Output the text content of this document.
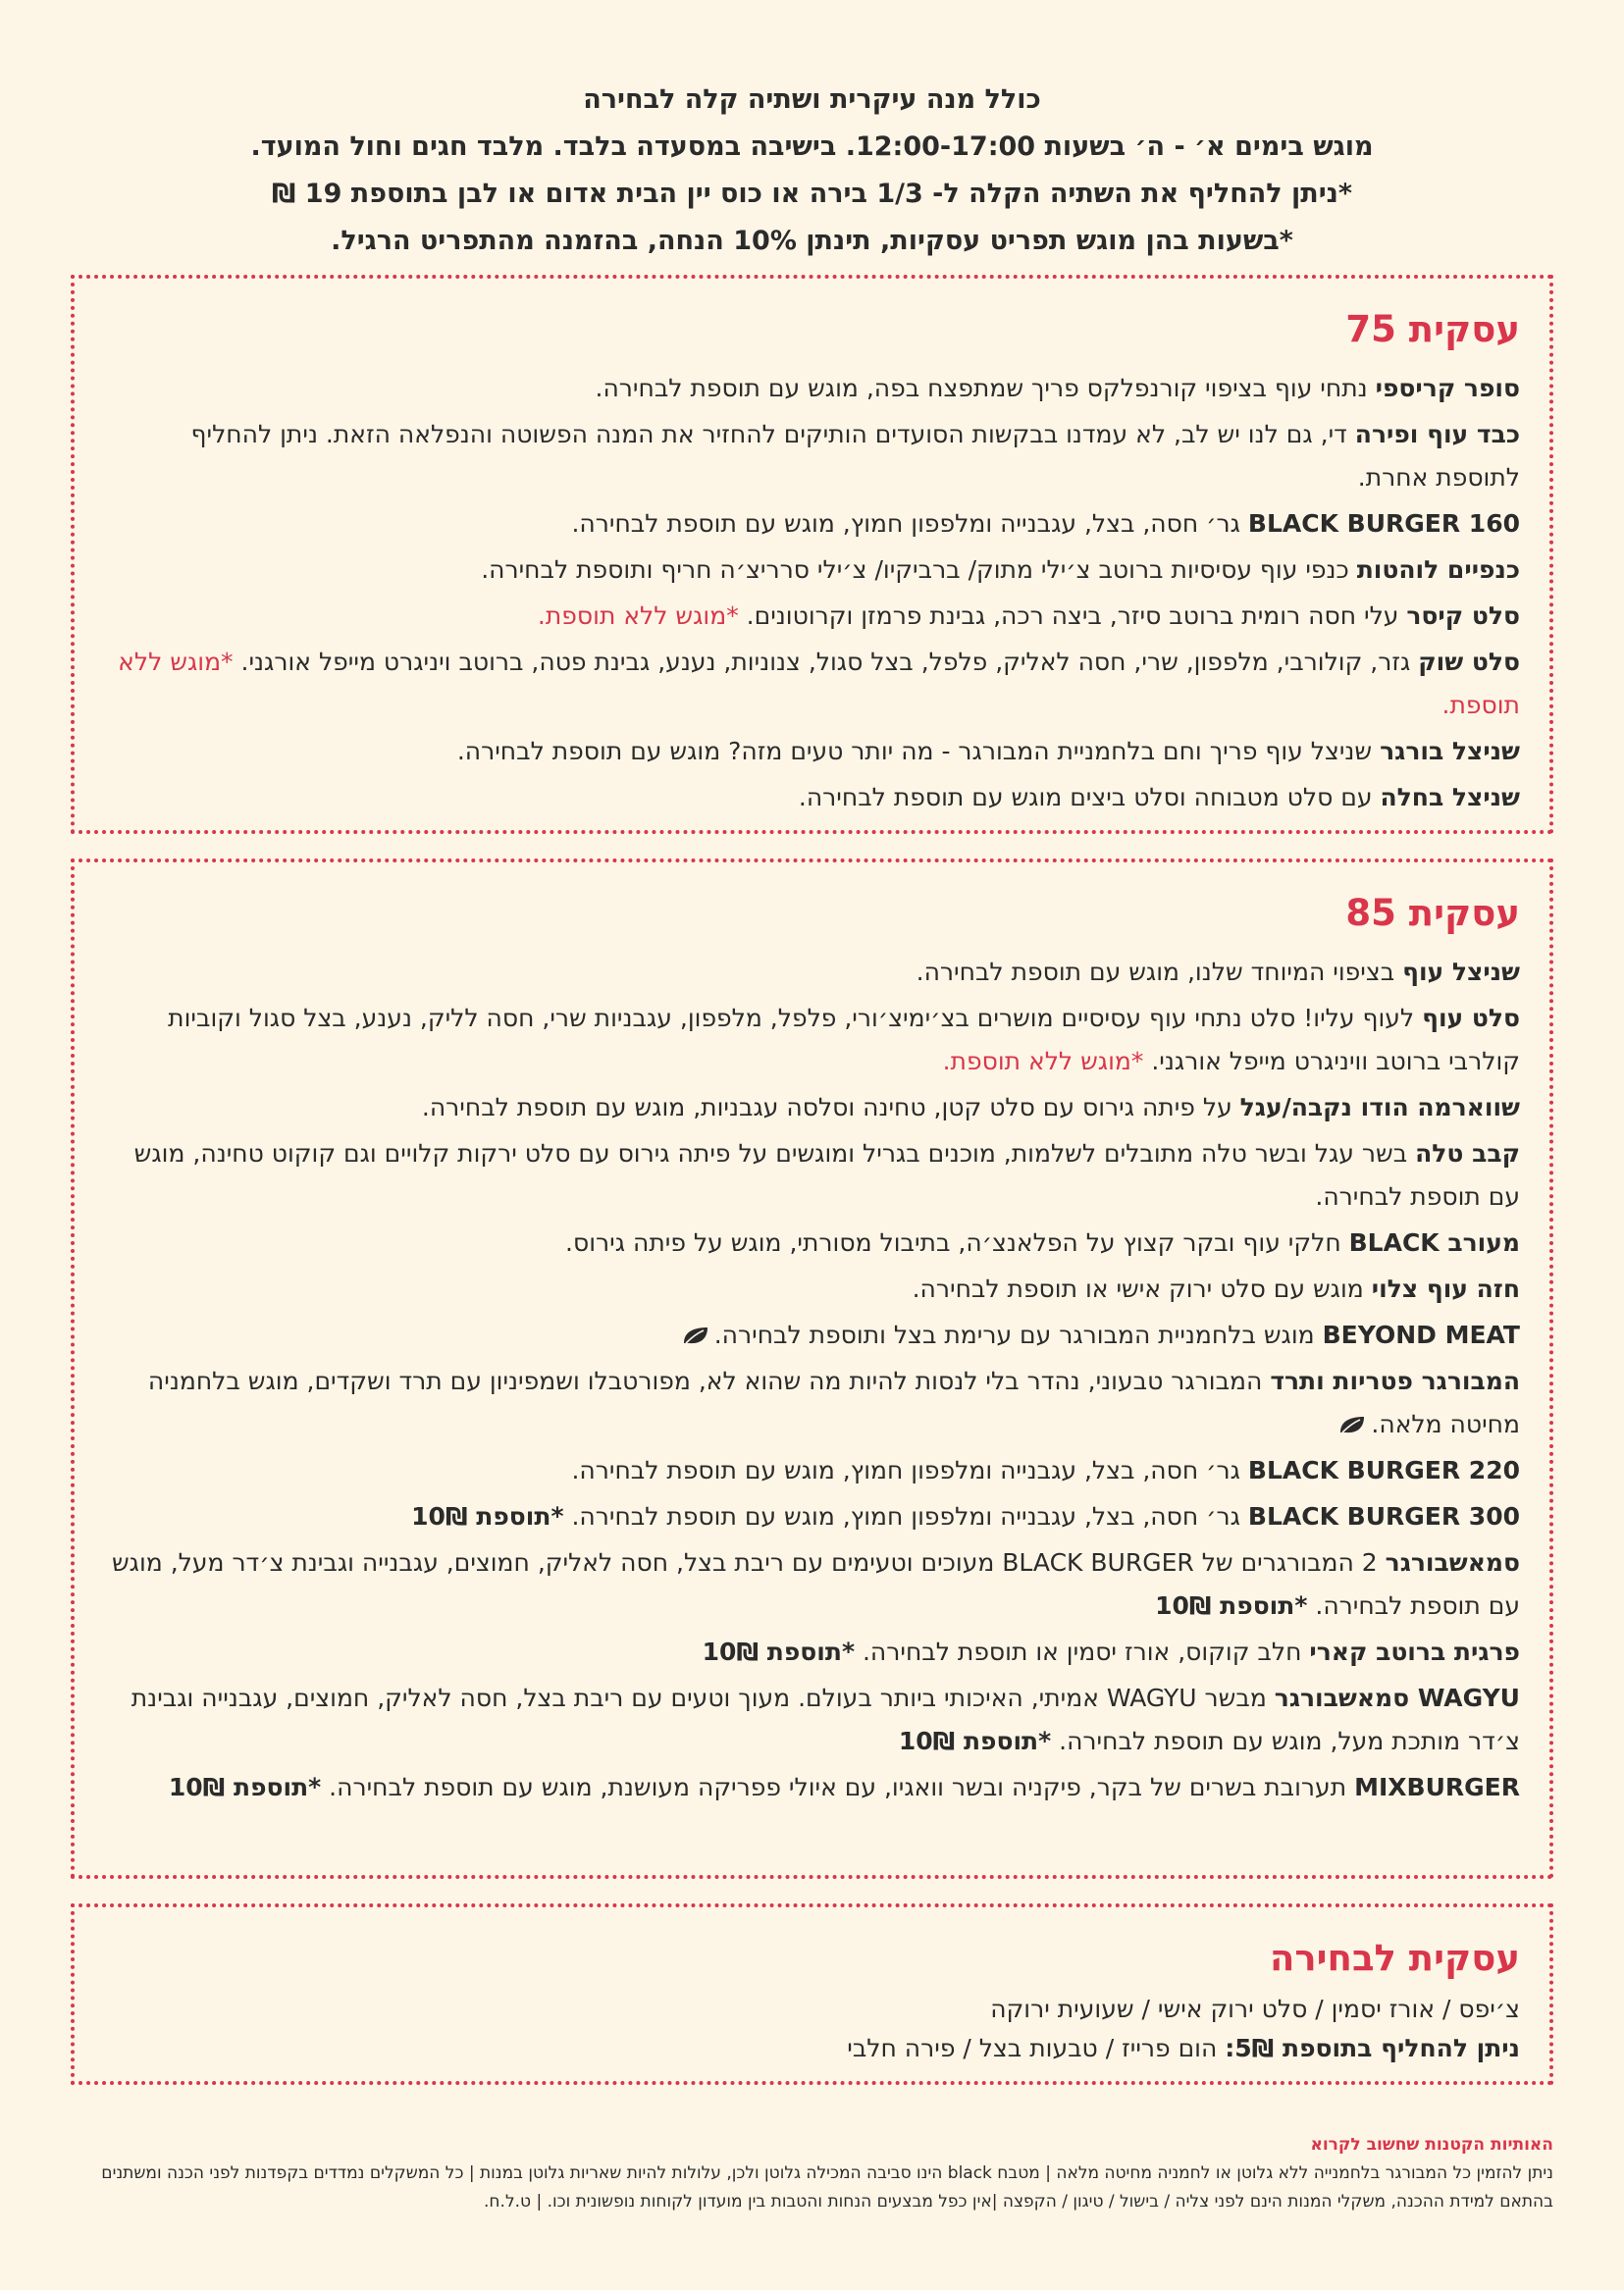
כולל מנה עיקרית ושתיה קלה לבחירה
מוגש בימים א׳ - ה׳ בשעות 12:00-17:00. בישיבה במסעדה בלבד. מלבד חגים וחול המועד.
*ניתן להחליף את השתיה הקלה ל- 1/3 בירה או כוס יין הבית אדום או לבן בתוספת 19 ₪
*בשעות בהן מוגש תפריט עסקיות, תינתן 10% הנחה, בהזמנה מהתפריט הרגיל.
עסקית 75
סופר קריספי נתחי עוף בציפוי קורנפלקס פריך שמתפצח בפה, מוגש עם תוספת לבחירה.
כבד עוף ופירה די, גם לנו יש לב, לא עמדנו בבקשות הסועדים הותיקים להחזיר את המנה הפשוטה והנפלאה הזאת. ניתן להחליף לתוספת אחרת.
BLACK BURGER 160 גר׳ חסה, בצל, עגבנייה ומלפפון חמוץ, מוגש עם תוספת לבחירה.
כנפיים לוהטות כנפי עוף עסיסיות ברוטב צ׳ילי מתוק/ ברביקיו/ צ׳ילי סרריצ׳ה חריף ותוספת לבחירה.
סלט קיסר עלי חסה רומית ברוטב סיזר, ביצה רכה, גבינת פרמזן וקרוטונים. *מוגש ללא תוספת.
סלט שוק גזר, קולורבי, מלפפון, שרי, חסה לאליק, פלפל, בצל סגול, צנוניות, נענע, גבינת פטה, ברוטב ויניגרט מייפל אורגני. *מוגש ללא תוספת.
שניצל בורגר שניצל עוף פריך וחם בלחמניית המבורגר - מה יותר טעים מזה? מוגש עם תוספת לבחירה.
שניצל בחלה עם סלט מטבוחה וסלט ביצים מוגש עם תוספת לבחירה.
עסקית 85
שניצל עוף בציפוי המיוחד שלנו, מוגש עם תוספת לבחירה.
סלט עוף לעוף עליו! סלט נתחי עוף עסיסיים מושרים בצ׳ימיצ׳ורי, פלפל, מלפפון, עגבניות שרי, חסה לליק, נענע, בצל סגול וקוביות קולרבי ברוטב וויניגרט מייפל אורגני. *מוגש ללא תוספת.
שווארמה הודו נקבה/עגל על פיתה גירוס עם סלט קטן, טחינה וסלסה עגבניות, מוגש עם תוספת לבחירה.
קבב טלה בשר עגל ובשר טלה מתובלים לשלמות, מוכנים בגריל ומוגשים על פיתה גירוס עם סלט ירקות קלויים וגם קוקוט טחינה, מוגש עם תוספת לבחירה.
מעורב BLACK חלקי עוף ובקר קצוץ על הפלאנצ׳ה, בתיבול מסורתי, מוגש על פיתה גירוס.
חזה עוף צלוי מוגש עם סלט ירוק אישי או תוספת לבחירה.
BEYOND MEAT מוגש בלחמניית המבורגר עם ערימת בצל ותוספת לבחירה.
המבורגר פטריות ותרד המבורגר טבעוני, נהדר בלי לנסות להיות מה שהוא לא, מפורטבלו ושמפיניון עם תרד ושקדים, מוגש בלחמניה מחיטה מלאה.
BLACK BURGER 220 גר׳ חסה, בצל, עגבנייה ומלפפון חמוץ, מוגש עם תוספת לבחירה.
BLACK BURGER 300 גר׳ חסה, בצל, עגבנייה ומלפפון חמוץ, מוגש עם תוספת לבחירה. *תוספת 10₪
סמאשבורגר 2 המבורגרים של BLACK BURGER מעוכים וטעימים עם ריבת בצל, חסה לאליק, חמוצים, עגבנייה וגבינת צ׳דר מעל, מוגש עם תוספת לבחירה. *תוספת 10₪
פרגית ברוטב קארי חלב קוקוס, אורז יסמין או תוספת לבחירה. *תוספת 10₪
WAGYU סמאשבורגר מבשר WAGYU אמיתי, האיכותי ביותר בעולם. מעוך וטעים עם ריבת בצל, חסה לאליק, חמוצים, עגבנייה וגבינת צ׳דר מותכת מעל, מוגש עם תוספת לבחירה. *תוספת 10₪
MIXBURGER תערובת בשרים של בקר, פיקניה ובשר וואגיו, עם איולי פפריקה מעושנת, מוגש עם תוספת לבחירה. *תוספת 10₪
עסקית לבחירה
צ׳יפס / אורז יסמין / סלט ירוק אישי / שעועית ירוקה
ניתן להחליף בתוספת 5₪: הום פרייז / טבעות בצל / פירה חלבי
האותיות הקטנות שחשוב לקרוא
ניתן להזמין כל המבורגר בלחמנייה ללא גלוטן או לחמניה מחיטה מלאה | מטבח black הינו סביבה המכילה גלוטן ולכן, עלולות להיות שאריות גלוטן במנות | כל המשקלים נמדדים בקפדנות לפני הכנה ומשתנים בהתאם למידת ההכנה, משקלי המנות הינם לפני צליה / בישול / טיגון / הקפצה |אין כפל מבצעים הנחות והטבות בין מועדון לקוחות נופשונית וכו. | ט.ל.ח.
